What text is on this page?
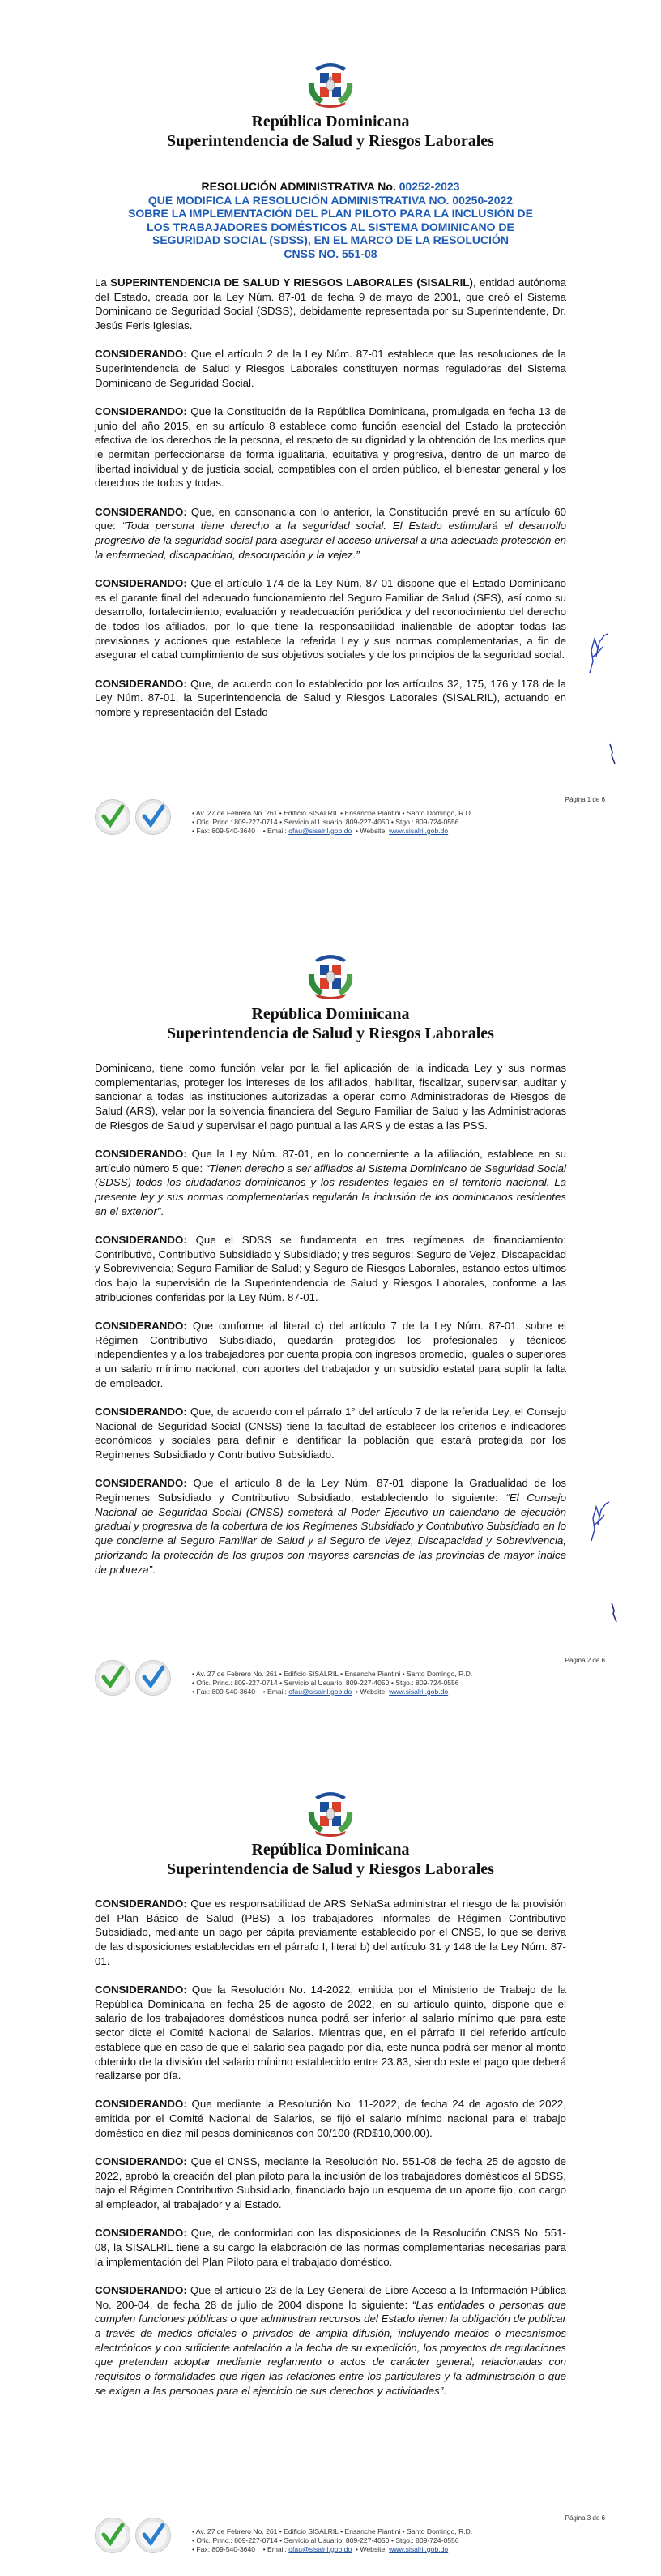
República Dominicana
Superintendencia de Salud y Riesgos Laborales
RESOLUCIÓN ADMINISTRATIVA No. 00252-2023
QUE MODIFICA LA RESOLUCIÓN ADMINISTRATIVA NO. 00250-2022
SOBRE LA IMPLEMENTACIÓN DEL PLAN PILOTO PARA LA INCLUSIÓN DE
LOS TRABAJADORES DOMÉSTICOS AL SISTEMA DOMINICANO DE
SEGURIDAD SOCIAL (SDSS), EN EL MARCO DE LA RESOLUCIÓN
CNSS NO. 551-08

La SUPERINTENDENCIA DE SALUD Y RIESGOS LABORALES (SISALRIL), entidad autónoma del Estado, creada por la Ley Núm. 87-01 de fecha 9 de mayo de 2001, que creó el Sistema Dominicano de Seguridad Social (SDSS), debidamente representada por su Superintendente, Dr. Jesús Feris Iglesias.

CONSIDERANDO: Que el artículo 2 de la Ley Núm. 87-01 establece que las resoluciones de la Superintendencia de Salud y Riesgos Laborales constituyen normas reguladoras del Sistema Dominicano de Seguridad Social.

CONSIDERANDO: Que la Constitución de la República Dominicana, promulgada en fecha 13 de junio del año 2015, en su artículo 8 establece como función esencial del Estado la protección efectiva de los derechos de la persona, el respeto de su dignidad y la obtención de los medios que le permitan perfeccionarse de forma igualitaria, equitativa y progresiva, dentro de un marco de libertad individual y de justicia social, compatibles con el orden público, el bienestar general y los derechos de todos y todas.

CONSIDERANDO: Que, en consonancia con lo anterior, la Constitución prevé en su artículo 60 que: “Toda persona tiene derecho a la seguridad social. El Estado estimulará el desarrollo progresivo de la seguridad social para asegurar el acceso universal a una adecuada protección en la enfermedad, discapacidad, desocupación y la vejez.”

CONSIDERANDO: Que el artículo 174 de la Ley Núm. 87-01 dispone que el Estado Dominicano es el garante final del adecuado funcionamiento del Seguro Familiar de Salud (SFS), así como su desarrollo, fortalecimiento, evaluación y readecuación periódica y del reconocimiento del derecho de todos los afiliados, por lo que tiene la responsabilidad inalienable de adoptar todas las previsiones y acciones que establece la referida Ley y sus normas complementarias, a fin de asegurar el cabal cumplimiento de sus objetivos sociales y de los principios de la seguridad social.

CONSIDERANDO: Que, de acuerdo con lo establecido por los artículos 32, 175, 176 y 178 de la Ley Núm. 87-01, la Superintendencia de Salud y Riesgos Laborales (SISALRIL), actuando en nombre y representación del Estado

• Av. 27 de Febrero No. 261 • Edificio SISALRIL • Ensanche Piantini • Santo Domingo, R.D.
• Ofic. Princ.: 809-227-0714 • Servicio al Usuario: 809-227-4050 • Stgo.: 809-724-0556
• Fax: 809-540-3640 • Email: ofau@sisalril.gob.do • Website: www.sisalril.gob.do
Página 1 de 6
República Dominicana
Superintendencia de Salud y Riesgos Laborales

Dominicano, tiene como función velar por la fiel aplicación de la indicada Ley y sus normas complementarias, proteger los intereses de los afiliados, habilitar, fiscalizar, supervisar, auditar y sancionar a todas las instituciones autorizadas a operar como Administradoras de Riesgos de Salud (ARS), velar por la solvencia financiera del Seguro Familiar de Salud y las Administradoras de Riesgos de Salud y supervisar el pago puntual a las ARS y de estas a las PSS.

CONSIDERANDO: Que la Ley Núm. 87-01, en lo concerniente a la afiliación, establece en su artículo número 5 que: “Tienen derecho a ser afiliados al Sistema Dominicano de Seguridad Social (SDSS) todos los ciudadanos dominicanos y los residentes legales en el territorio nacional. La presente ley y sus normas complementarias regularán la inclusión de los dominicanos residentes en el exterior”.

CONSIDERANDO: Que el SDSS se fundamenta en tres regímenes de financiamiento: Contributivo, Contributivo Subsidiado y Subsidiado; y tres seguros: Seguro de Vejez, Discapacidad y Sobrevivencia; Seguro Familiar de Salud; y Seguro de Riesgos Laborales, estando estos últimos dos bajo la supervisión de la Superintendencia de Salud y Riesgos Laborales, conforme a las atribuciones conferidas por la Ley Núm. 87-01.

CONSIDERANDO: Que conforme al literal c) del artículo 7 de la Ley Núm. 87-01, sobre el Régimen Contributivo Subsidiado, quedarán protegidos los profesionales y técnicos independientes y a los trabajadores por cuenta propia con ingresos promedio, iguales o superiores a un salario mínimo nacional, con aportes del trabajador y un subsidio estatal para suplir la falta de empleador.

CONSIDERANDO: Que, de acuerdo con el párrafo 1° del artículo 7 de la referida Ley, el Consejo Nacional de Seguridad Social (CNSS) tiene la facultad de establecer los criterios e indicadores económicos y sociales para definir e identificar la población que estará protegida por los Regímenes Subsidiado y Contributivo Subsidiado.

CONSIDERANDO: Que el artículo 8 de la Ley Núm. 87-01 dispone la Gradualidad de los Regímenes Subsidiado y Contributivo Subsidiado, estableciendo lo siguiente: “El Consejo Nacional de Seguridad Social (CNSS) someterá al Poder Ejecutivo un calendario de ejecución gradual y progresiva de la cobertura de los Regímenes Subsidiado y Contributivo Subsidiado en lo que concierne al Seguro Familiar de Salud y al Seguro de Vejez, Discapacidad y Sobrevivencia, priorizando la protección de los grupos con mayores carencias de las provincias de mayor índice de pobreza”.

• Av. 27 de Febrero No. 261 • Edificio SISALRIL • Ensanche Piantini • Santo Domingo, R.D.
• Ofic. Princ.: 809-227-0714 • Servicio al Usuario: 809-227-4050 • Stgo.: 809-724-0556
• Fax: 809-540-3640 • Email: ofau@sisalril.gob.do • Website: www.sisalril.gob.do
Página 2 de 6
República Dominicana
Superintendencia de Salud y Riesgos Laborales

CONSIDERANDO: Que es responsabilidad de ARS SeNaSa administrar el riesgo de la provisión del Plan Básico de Salud (PBS) a los trabajadores informales de Régimen Contributivo Subsidiado, mediante un pago per cápita previamente establecido por el CNSS, lo que se deriva de las disposiciones establecidas en el párrafo I, literal b) del artículo 31 y 148 de la Ley Núm. 87-01.

CONSIDERANDO: Que la Resolución No. 14-2022, emitida por el Ministerio de Trabajo de la República Dominicana en fecha 25 de agosto de 2022, en su artículo quinto, dispone que el salario de los trabajadores domésticos nunca podrá ser inferior al salario mínimo que para este sector dicte el Comité Nacional de Salarios. Mientras que, en el párrafo II del referido artículo establece que en caso de que el salario sea pagado por día, este nunca podrá ser menor al monto obtenido de la división del salario mínimo establecido entre 23.83, siendo este el pago que deberá realizarse por día.

CONSIDERANDO: Que mediante la Resolución No. 11-2022, de fecha 24 de agosto de 2022, emitida por el Comité Nacional de Salarios, se fijó el salario mínimo nacional para el trabajo doméstico en diez mil pesos dominicanos con 00/100 (RD$10,000.00).

CONSIDERANDO: Que el CNSS, mediante la Resolución No. 551-08 de fecha 25 de agosto de 2022, aprobó la creación del plan piloto para la inclusión de los trabajadores domésticos al SDSS, bajo el Régimen Contributivo Subsidiado, financiado bajo un esquema de un aporte fijo, con cargo al empleador, al trabajador y al Estado.

CONSIDERANDO: Que, de conformidad con las disposiciones de la Resolución CNSS No. 551-08, la SISALRIL tiene a su cargo la elaboración de las normas complementarias necesarias para la implementación del Plan Piloto para el trabajado doméstico.

CONSIDERANDO: Que el artículo 23 de la Ley General de Libre Acceso a la Información Pública No. 200-04, de fecha 28 de julio de 2004 dispone lo siguiente: “Las entidades o personas que cumplen funciones públicas o que administran recursos del Estado tienen la obligación de publicar a través de medios oficiales o privados de amplia difusión, incluyendo medios o mecanismos electrónicos y con suficiente antelación a la fecha de su expedición, los proyectos de regulaciones que pretendan adoptar mediante reglamento o actos de carácter general, relacionadas con requisitos o formalidades que rigen las relaciones entre los particulares y la administración o que se exigen a las personas para el ejercicio de sus derechos y actividades”.

• Av. 27 de Febrero No. 261 • Edificio SISALRIL • Ensanche Piantini • Santo Domingo, R.D.
• Ofic. Princ.: 809-227-0714 • Servicio al Usuario: 809-227-4050 • Stgo.: 809-724-0556
• Fax: 809-540-3640 • Email: ofau@sisalril.gob.do • Website: www.sisalril.gob.do
Página 3 de 6
